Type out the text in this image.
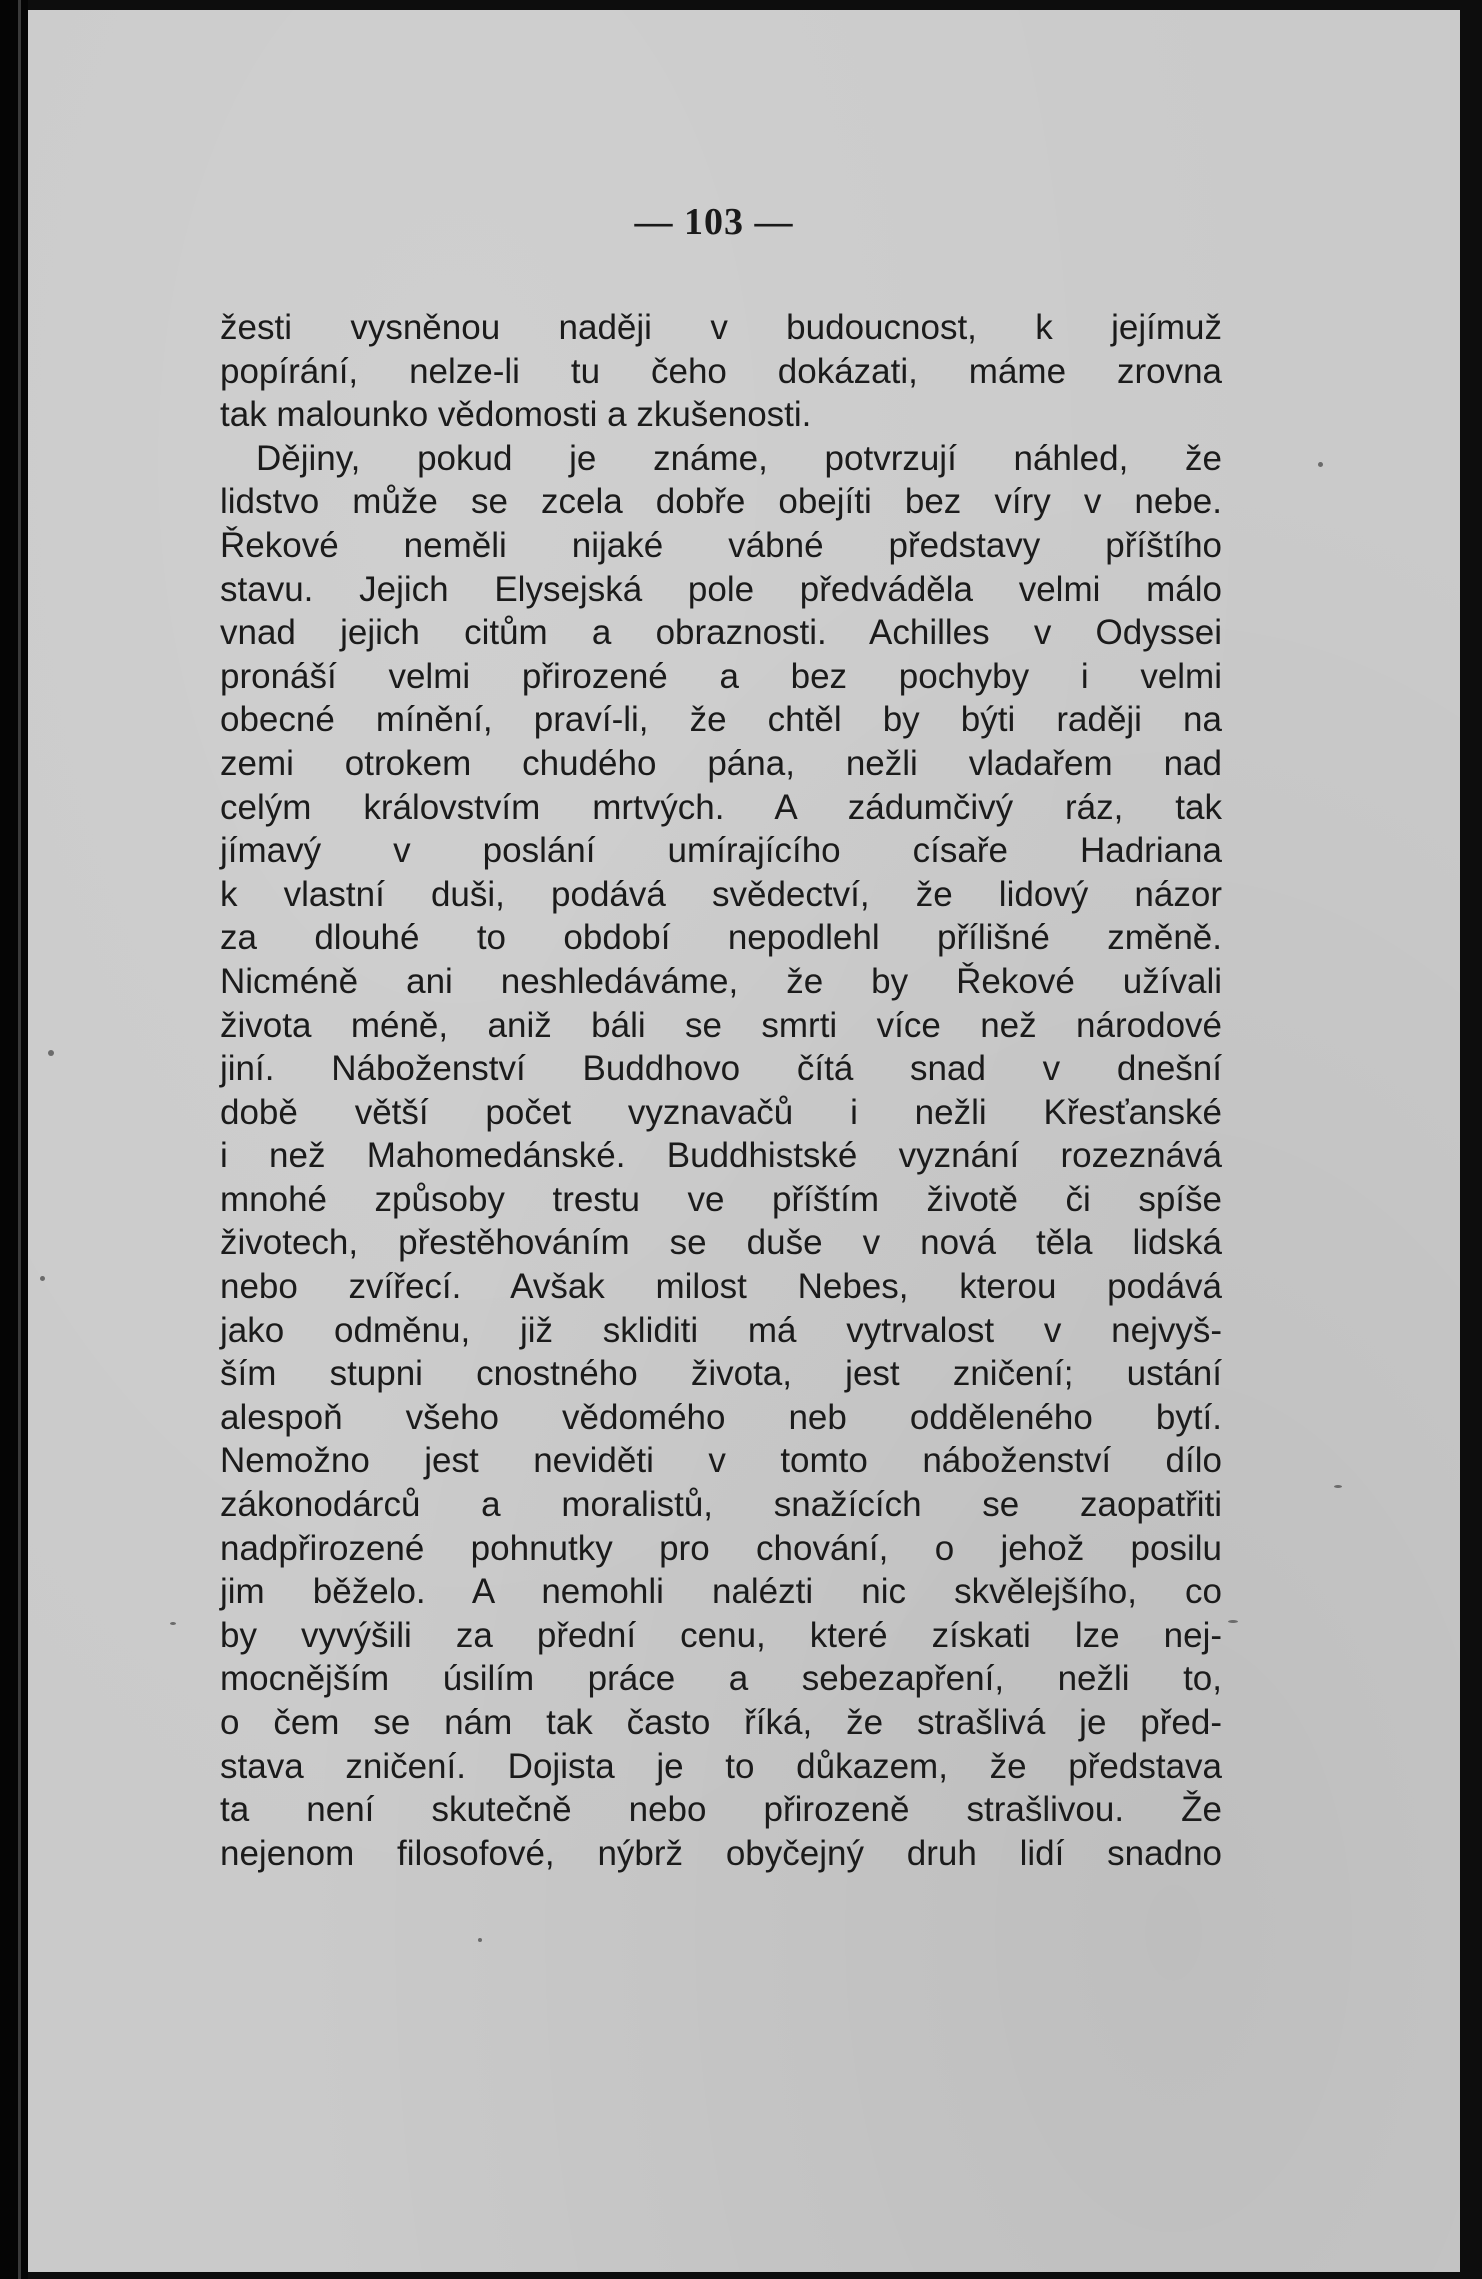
— 103 —
žesti vysněnou naději v budoucnost, k jejímuž
popírání, nelze-li tu čeho dokázati, máme zrovna
tak malounko vědomosti a zkušenosti.
Dějiny, pokud je známe, potvrzují náhled, že
lidstvo může se zcela dobře obejíti bez víry v nebe.
Řekové neměli nijaké vábné představy příštího
stavu. Jejich Elysejská pole předváděla velmi málo
vnad jejich citům a obraznosti. Achilles v Odyssei
pronáší velmi přirozené a bez pochyby i velmi
obecné mínění, praví-li, že chtěl by býti raději na
zemi otrokem chudého pána, nežli vladařem nad
celým královstvím mrtvých. A zádumčivý ráz, tak
jímavý v poslání umírajícího císaře Hadriana
k vlastní duši, podává svědectví, že lidový názor
za dlouhé to období nepodlehl přílišné změně.
Nicméně ani neshledáváme, že by Řekové užívali
života méně, aniž báli se smrti více než národové
jiní. Náboženství Buddhovo čítá snad v dnešní
době větší počet vyznavačů i nežli Křesťanské
i než Mahomedánské. Buddhistské vyznání rozeznává
mnohé způsoby trestu ve příštím životě či spíše
životech, přestěhováním se duše v nová těla lidská
nebo zvířecí. Avšak milost Nebes, kterou podává
jako odměnu, již skliditi má vytrvalost v nejvyš-
ším stupni cnostného života, jest zničení; ustání
alespoň všeho vědomého neb odděleného bytí.
Nemožno jest neviděti v tomto náboženství dílo
zákonodárců a moralistů, snažících se zaopatřiti
nadpřirozené pohnutky pro chování, o jehož posilu
jim běželo. A nemohli nalézti nic skvělejšího, co
by vyvýšili za přední cenu, které získati lze nej-
mocnějším úsilím práce a sebezapření, nežli to,
o čem se nám tak často říká, že strašlivá je před-
stava zničení. Dojista je to důkazem, že představa
ta není skutečně nebo přirozeně strašlivou. Že
nejenom filosofové, nýbrž obyčejný druh lidí snadno
